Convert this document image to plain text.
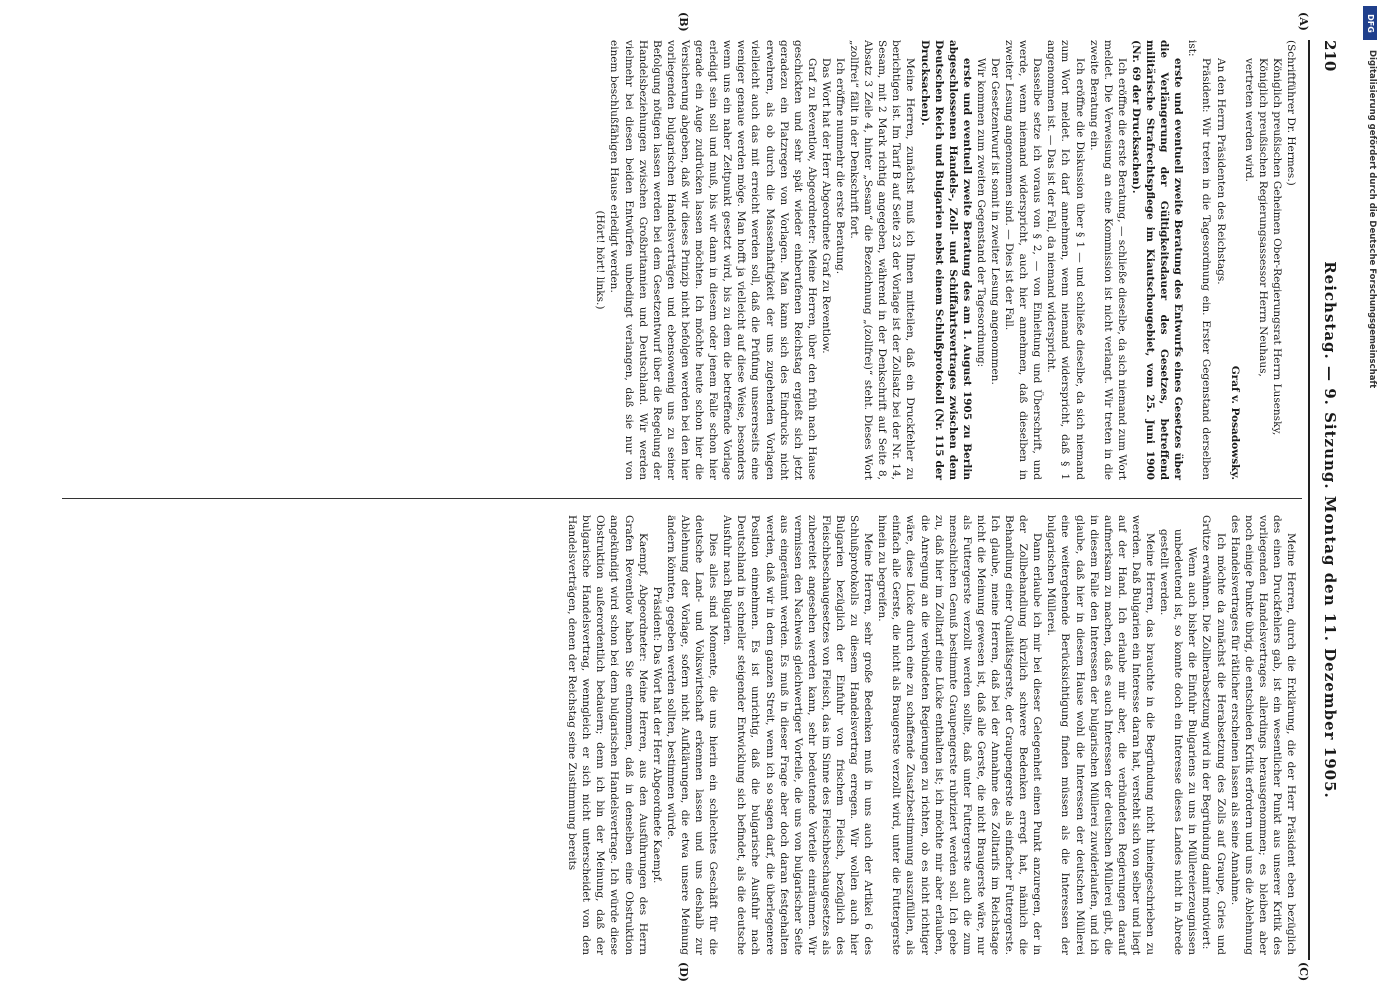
DFG
Digitalisierung gefördert durch die Deutsche Forschungsgemeinschaft
210
Reichstag. — 9. Sitzung. Montag den 11. Dezember 1905.
(A)
(B)
(C)
(D)

(Schriftführer Dr. Hermes.)

Königlich preußischen Geheimen Ober-Regierungsrat Herrn Lusensky,

Königlich preußischen Regierungsassessor Herrn Neuhaus,

vertreten werden wird.

Graf v. Posadowsky.

An den Herrn Präsidenten des Reichstags.

Präsident: Wir treten in die Tagesordnung ein. Erster Gegenstand derselben ist:

erste und eventuell zweite Beratung des Entwurfs eines Gesetzes über die Verlängerung der Gültigkeitsdauer des Gesetzes, betreffend militärische Strafrechtspflege im Kiautschougebiet, vom 25. Juni 1900 (Nr. 69 der Drucksachen).

Ich eröffne die erste Beratung, — schließe dieselbe, da sich niemand zum Wort meldet. Die Verweisung an eine Kommission ist nicht verlangt. Wir treten in die zweite Beratung ein.

Ich eröffne die Diskussion über § 1 — und schließe dieselbe, da sich niemand zum Wort meldet. Ich darf annehmen, wenn niemand widerspricht, daß § 1 angenommen ist. — Das ist der Fall, da niemand widerspricht.

Dasselbe setze ich voraus von § 2, — von Einleitung und Überschrift, und werde, wenn niemand widerspricht, auch hier annehmen, daß dieselben in zweiter Lesung angenommen sind. — Dies ist der Fall.

Der Gesetzentwurf ist somit in zweiter Lesung angenommen.

Wir kommen zum zweiten Gegenstand der Tagesordnung:

erste und eventuell zweite Beratung des am 1. August 1905 zu Berlin abgeschlossenen Handels-, Zoll- und Schiffahrtsvertrages zwischen dem Deutschen Reich und Bulgarien nebst einem Schlußprotokoll (Nr. 115 der Drucksachen).

Meine Herren, zunächst muß ich Ihnen mitteilen, daß ein Druckfehler zu berichtigen ist. Im Tarif B auf Seite 23 der Vorlage ist der Zollsatz bei der Nr. 14, Sesam, mit 2 Mark richtig angegeben, während in der Denkschrift auf Seite 8, Absatz 3 Zeile 4, hinter „Sesam“ die Bezeichnung „(zollfrei)“ steht. Dieses Wort „zollfrei“ fällt in der Denkschrift fort.

Ich eröffne nunmehr die erste Beratung.

Das Wort hat der Herr Abgeordnete Graf zu Reventlow.

Graf zu Reventlow, Abgeordneter: Meine Herren, über den früh nach Hause geschickten und sehr spät wieder einberufenen Reichstag ergießt sich jetzt geradezu ein Platzregen von Vorlagen. Man kann sich des Eindrucks nicht erwehren, als ob durch die Massenhaftigkeit der uns zugehenden Vorlagen vielleicht auch das mit erreicht werden soll, daß die Prüfung unsererseits eine weniger genaue werden möge. Man hofft ja vielleicht auf diese Weise, besonders wenn uns ein naher Zeitpunkt gesetzt wird, bis zu dem die betreffende Vorlage erledigt sein soll und muß, bis wir dann in diesem oder jenem Falle schon hier gerade ein Auge zudrücken lassen möchten. Ich möchte heute schon hier die Versicherung abgeben, daß wir dieses Prinzip nicht befolgen werden bei den hier vorliegenden bulgarischen Handelsverträgen und ebensowenig uns zu seiner Befolgung nötigen lassen werden bei dem Gesetzentwurf über die Regelung der Handelsbeziehungen zwischen Großbritannien und Deutschland. Wir werden vielmehr bei diesen beiden Entwürfen unbedingt verlangen, daß sie nur von einem beschlußfähigen Hause erledigt werden.

(Hört! hört! links.)

Meine Herren, durch die Erklärung, die der Herr Präsident eben bezüglich des einen Druckfehlers gab, ist ein wesentlicher Punkt aus unserer Kritik des vorliegenden Handelsvertrages allerdings herausgenommen; es bleiben aber noch einige Punkte übrig, die entschieden Kritik erfordern und uns die Ablehnung des Handelsvertrages für rätlicher erscheinen lassen als seine Annahme.

Ich möchte da zunächst die Herabsetzung des Zolls auf Graupe, Gries und Grütze erwähnen. Die Zollherabsetzung wird in der Begründung damit motiviert:

Wenn auch bisher die Einfuhr Bulgariens zu uns in Müllereierzeugnissen unbedeutend ist, so konnte doch ein Interesse dieses Landes nicht in Abrede gestellt werden.

Meine Herren, das brauchte in die Begründung nicht hineingeschrieben zu werden. Daß Bulgarien ein Interesse daran hat, versteht sich von selber und liegt auf der Hand. Ich erlaube mir aber, die verbündeten Regierungen darauf aufmerksam zu machen, daß es auch Interessen der deutschen Müllerei gibt, die in diesem Falle den Interessen der bulgarischen Müllerei zuwiderlaufen, und ich glaube, daß hier in diesem Hause wohl die Interessen der deutschen Müllerei eine weitergehende Berücksichtigung finden müssen als die Interessen der bulgarischen Müllerei.

Dann erlaube ich mir bei dieser Gelegenheit einen Punkt anzuregen, der in der Zollbehandlung kürzlich schwere Bedenken erregt hat, nämlich die Behandlung einer Qualitätsgerste, der Graupengerste als einfacher Futtergerste. Ich glaube, meine Herren, daß bei der Annahme des Zolltarifs im Reichstage nicht die Meinung gewesen ist, daß alle Gerste, die nicht Braugerste wäre, nur als Futtergerste verzollt werden sollte, daß unter Futtergerste auch die zum menschlichen Genuß bestimmte Graupengerste rubriziert werden soll. Ich gebe zu, daß hier im Zolltarif eine Lücke enthalten ist; ich möchte mir aber erlauben, die Anregung an die verbündeten Regierungen zu richten, ob es nicht richtiger wäre, diese Lücke durch eine zu schaffende Zusatzbestimmung auszufüllen, als einfach alle Gerste, die nicht als Braugerste verzollt wird, unter die Futtergerste hinein zu begreifen.

Meine Herren, sehr große Bedenken muß in uns auch der Artikel 6 des Schlußprotokolls zu diesem Handelsvertrag erregen. Wir wollen auch hier Bulgarien bezüglich der Einfuhr von frischem Fleisch, bezüglich des Fleischbeschaugesetzes von Fleisch, das im Sinne des Fleischbeschaugesetzes als zubereitet angesehen werden kann, sehr bedeutende Vorteile einräumen. Wir vermissen den Nachweis gleichwertiger Vorteile, die uns von bulgarischer Seite aus eingeräumt werden. Es muß in dieser Frage aber doch daran festgehalten werden, daß wir in dem ganzen Streit, wenn ich so sagen darf, die überlegenere Position einnehmen. Es ist unrichtig, daß die bulgarische Ausfuhr nach Deutschland in schneller steigender Entwicklung sich befindet, als die deutsche Ausfuhr nach Bulgarien.

Dies alles sind Momente, die uns hierin ein schlechtes Geschäft für die deutsche Land- und Volkswirtschaft erkennen lassen und uns deshalb zur Ablehnung der Vorlage, sofern nicht Aufklärungen, die etwa unsere Meinung ändern könnten, gegeben werden sollten, bestimmen würde.

Präsident: Das Wort hat der Herr Abgeordnete Kaempf.

Kaempf, Abgeordneter: Meine Herren, aus den Ausführungen des Herrn Grafen Reventlow haben Sie entnommen, daß in denselben eine Obstruktion angekündigt wird schon bei dem bulgarischen Handelsvertrage. Ich würde diese Obstruktion außerordentlich bedauern; denn ich bin der Meinung, daß der bulgarische Handelsvertrag, wenngleich er sich nicht unterscheidet von den Handelsverträgen, denen der Reichstag seine Zustimmung bereits
